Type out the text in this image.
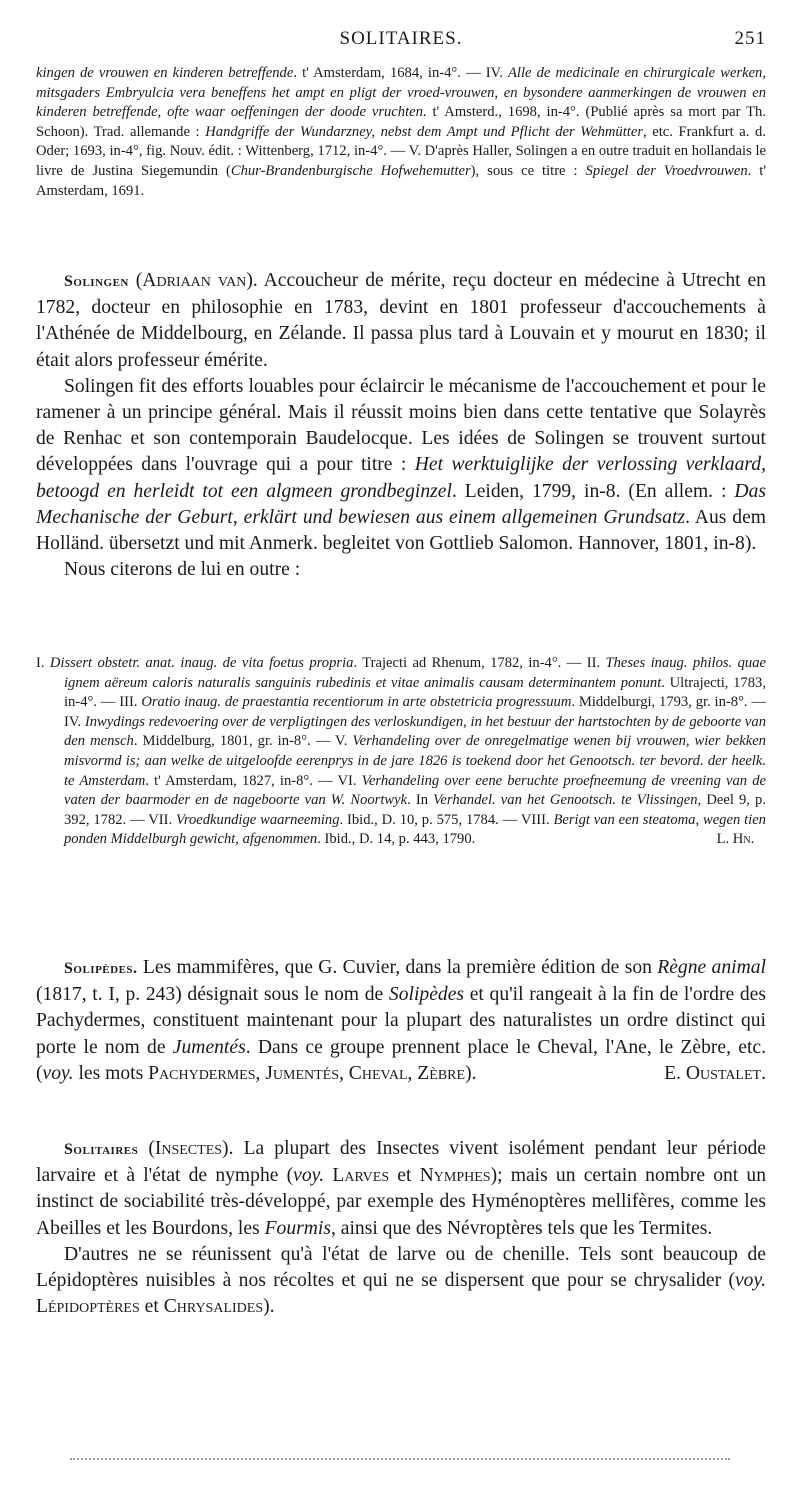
SOLITAIRES.	251

kingen de vrouwen en kinderen betreffende. t' Amsterdam, 1684, in-4°. — IV. Alle de medicinale en chirurgicale werken, mitsgaders Embryulcia vera beneffens het ampt en pligt der vroed-vrouwen, en bysondere aanmerkingen de vrouwen en kinderen betreffende, ofte waar oeffeningen der doode vruchten. t' Amsterd., 1698, in-4°. (Publié après sa mort par Th. Schoon). Trad. allemande : Handgriffe der Wundarzney, nebst dem Ampt und Pflicht der Wehmütter, etc. Frankfurt a. d. Oder; 1693, in-4°, fig. Nouv. édit. : Wittenberg, 1712, in-4°. — V. D'après Haller, Solingen a en outre traduit en hollandais le livre de Justina Siegemundin (Chur-Brandenburgische Hofwehemutter), sous ce titre : Spiegel der Vroedvrouwen. t' Amsterdam, 1691.

Solingen (Adriaan van). Accoucheur de mérite, reçu docteur en médecine à Utrecht en 1782, docteur en philosophie en 1783, devint en 1801 professeur d'accouchements à l'Athénée de Middelbourg, en Zélande. Il passa plus tard à Louvain et y mourut en 1830; il était alors professeur émérite.

Solingen fit des efforts louables pour éclaircir le mécanisme de l'accouchement et pour le ramener à un principe général. Mais il réussit moins bien dans cette tentative que Solayrès de Renhac et son contemporain Baudelocque. Les idées de Solingen se trouvent surtout développées dans l'ouvrage qui a pour titre : Het werktuiglijke der verlossing verklaard, betoogd en herleidt tot een algmeen grondbeginzel. Leiden, 1799, in-8. (En allem. : Das Mechanische der Geburt, erklärt und bewiesen aus einem allgemeinen Grundsatz. Aus dem Holländ. übersetzt und mit Anmerk. begleitet von Gottlieb Salomon. Hannover, 1801, in-8).

Nous citerons de lui en outre :

I. Dissert obstetr. anat. inaug. de vita foetus propria. Trajecti ad Rhenum, 1782, in-4°. — II. Theses inaug. philos. quae ignem aëreum caloris naturalis sanguinis rubedinis et vitae animalis causam determinantem ponunt. Ultrajecti, 1783, in-4°. — III. Oratio inaug. de praestantia recentiorum in arte obstetricia progressuum. Middelburgi, 1793, gr. in-8°. — IV. Inwydings redevoering over de verpligtingen des verloskundigen, in het bestuur der hartstochten by de geboorte van den mensch. Middelburg, 1801, gr. in-8°. — V. Verhandeling over de onregelmatige wenen bij vrouwen, wier bekken misvormd is; aan welke de uitgeloofde eerenprys in de jare 1826 is toekend door het Genootsch. ter bevord. der heelk. te Amsterdam. t' Amsterdam, 1827, in-8°. — VI. Verhandeling over eene beruchte proefneemung de vreening van de vaten der baarmoder en de nageboorte van W. Noortwyk. In Verhandel. van het Genootsch. te Vlissingen, Deel 9, p. 392, 1782. — VII. Vroedkundige waarneeming. Ibid., D. 10, p. 575, 1784. — VIII. Berigt van een steatoma, wegen tien ponden Middelburgh gewicht, afgenommen. Ibid., D. 14, p. 443, 1790.	L. Hn.

Solipèdes. Les mammifères, que G. Cuvier, dans la première édition de son Règne animal (1817, t. I, p. 243) désignait sous le nom de Solipèdes et qu'il rangeait à la fin de l'ordre des Pachydermes, constituent maintenant pour la plupart des naturalistes un ordre distinct qui porte le nom de Jumentés. Dans ce groupe prennent place le Cheval, l'Ane, le Zèbre, etc. (voy. les mots Pachydermes, Jumentés, Cheval, Zèbre).	E. Oustalet.

Solitaires (Insectes). La plupart des Insectes vivent isolément pendant leur période larvaire et à l'état de nymphe (voy. Larves et Nymphes); mais un certain nombre ont un instinct de sociabilité très-développé, par exemple des Hyménoptères mellifères, comme les Abeilles et les Bourdons, les Fourmis, ainsi que des Névroptères tels que les Termites.

D'autres ne se réunissent qu'à l'état de larve ou de chenille. Tels sont beaucoup de Lépidoptères nuisibles à nos récoltes et qui ne se dispersent que pour se chrysalider (voy. Lépidoptères et Chrysalides).
